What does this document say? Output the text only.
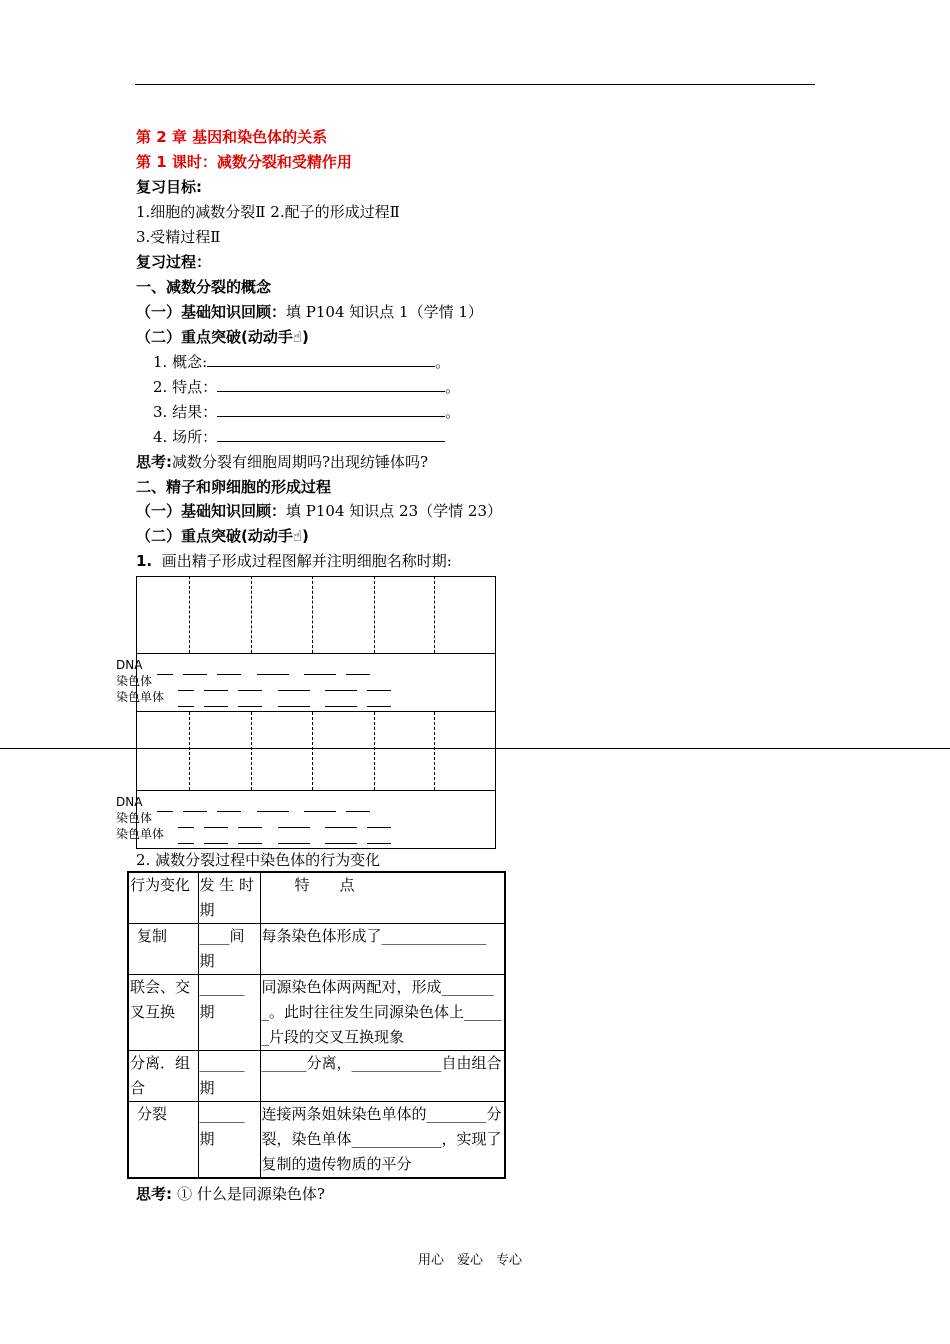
第 2 章 基因和染色体的关系
第 1 课时：减数分裂和受精作用
复习目标:
1.细胞的减数分裂Ⅱ 2.配子的形成过程Ⅱ
3.受精过程Ⅱ
复习过程：
一、减数分裂的概念
（一）基础知识回顾：填 P104 知识点 1（学情 1）
（二）重点突破(动动手☝)
1. 概念:	。
2. 特点：	。
3. 结果：	。
4. 场所：
思考:减数分裂有细胞周期吗?出现纺锤体吗?
二、精子和卵细胞的形成过程
（一）基础知识回顾：填 P104 知识点 23（学情 23）
（二）重点突破(动动手☝)
1. 画出精子形成过程图解并注明细胞名称时期:
DNA
染色体
染色单体

DNA
染色体
染色单体

2. 减数分裂过程中染色体的行为变化
行为变化	发 生 时期	特　　点
复制	____间期	每条染色体形成了______________
联会、交叉互换	______期	同源染色体两两配对，形成________。此时往往发生同源染色体上______片段的交叉互换现象
分离．组合	______期	______分离，____________自由组合
分裂	______期	连接两条姐妹染色单体的________分裂，染色单体____________，实现了复制的遗传物质的平分
思考: ① 什么是同源染色体?
用心　爱心　专心
